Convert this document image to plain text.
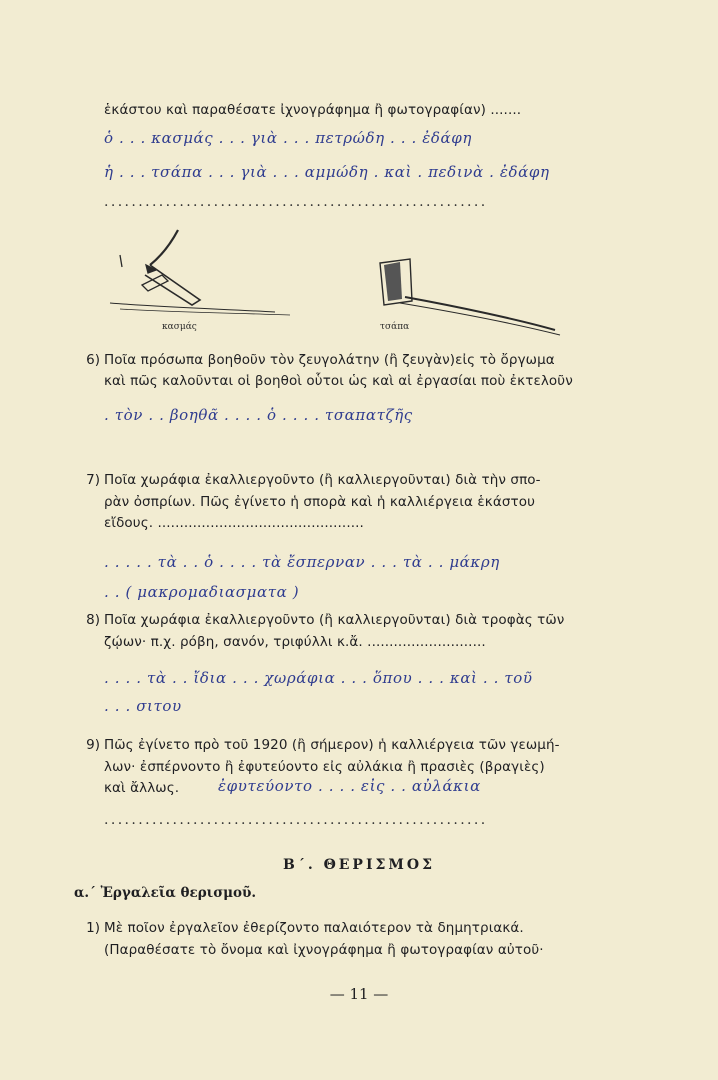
ἑκάστου καὶ παραθέσατε ἰχνογράφημα ἢ φωτογραφίαν) .......
ὁ . . . κασμάς . . . γιὰ . . . πετρώδη . . . ἐδάφη
ἡ . . . τσάπα . . . γιὰ . . . αμμώδη . καὶ . πεδινὰ . ἐδάφη
........................................................
κασμάς	τσάπα
6) Ποῖα πρόσωπα βοηθοῦν τὸν ζευγολάτην (ἢ ζευγὰν)εἰς τὸ ὄργωμα
καὶ πῶς καλοῦνται οἱ βοηθοὶ οὗτοι ὡς καὶ αἱ ἐργασίαι ποὺ ἐκτελοῦν
. τὸν . . βοηθᾶ . . . . ὁ . . . . τσαπατζῆς
7) Ποῖα χωράφια ἐκαλλιεργοῦντο (ἢ καλλιεργοῦνται) διὰ τὴν σπο-
ρὰν ὀσπρίων. Πῶς ἐγίνετο ἡ σπορὰ καὶ ἡ καλλιέργεια ἑκάστου
εἴδους. ...............................................
. . . . . τὰ . . ὁ . . . . τὰ ἔσπερναν . . . τὰ . . μάκρη
. . ( μακρομαδιασματα )
8) Ποῖα χωράφια ἐκαλλιεργοῦντο (ἢ καλλιεργοῦνται) διὰ τροφὰς τῶν
ζῴων· π.χ. ρόβη, σανόν, τριφύλλι κ.ἄ. ...........................
. . . . τὰ . . ἴδια . . . χωράφια . . . ὅπου . . . καὶ . . τοῦ
. . . σιτου
9) Πῶς ἐγίνετο πρὸ τοῦ 1920 (ἢ σήμερον) ἡ καλλιέργεια τῶν γεωμή-
λων· ἐσπέρνοντο ἢ ἐφυτεύοντο εἰς αὐλάκια ἢ πρασιὲς (βραγιὲς)
καὶ ἄλλως.	ἐφυτεύοντο . . . . εἰς . . αὐλάκια
........................................................
Β΄. ΘΕΡΙΣΜΟΣ
α.΄ Ἐργαλεῖα θερισμοῦ.
1) Μὲ ποῖον ἐργαλεῖον ἐθερίζοντο παλαιότερον τὰ δημητριακά.
(Παραθέσατε τὸ ὄνομα καὶ ἰχνογράφημα ἢ φωτογραφίαν αὐτοῦ·
— 11 —
